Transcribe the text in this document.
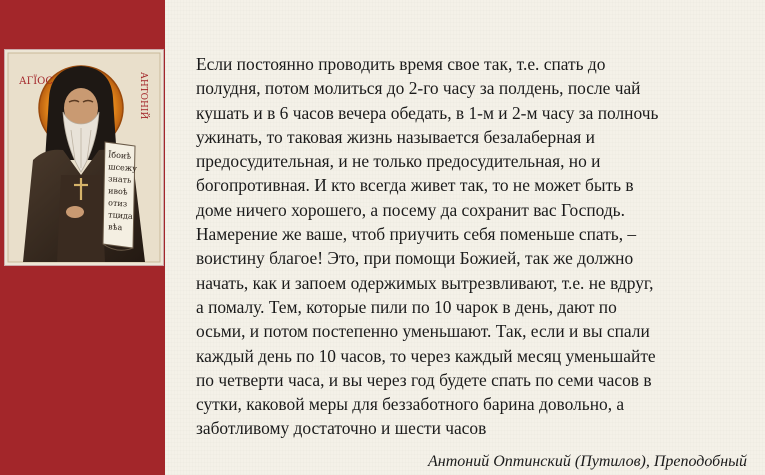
Їбоиѣ
шсежу
знать
ивоѣ
отиз
тцида
вѣа
АГЇОС	АНТОНІЙ

Если постоянно проводить время свое так, т.е. спать до
полудня, потом молиться до 2-го часу за полдень, после чай
кушать и в 6 часов вечера обедать, в 1-м и 2-м часу за полночь
ужинать, то таковая жизнь называется безалаберная и
предосудительная, и не только предосудительная, но и
богопротивная. И кто всегда живет так, то не может быть в
доме ничего хорошего, а посему да сохранит вас Господь.
Намерение же ваше, чтоб приучить себя поменьше спать, –
воистину благое! Это, при помощи Божией, так же должно
начать, как и запоем одержимых вытрезвливают, т.е. не вдруг,
а помалу. Тем, которые пили по 10 чарок в день, дают по
осьми, и потом постепенно уменьшают. Так, если и вы спали
каждый день по 10 часов, то через каждый месяц уменьшайте
по четверти часа, и вы через год будете спать по семи часов в
сутки, каковой меры для беззаботного барина довольно, а
заботливому достаточно и шести часов

Антоний Оптинский (Путилов), Преподобный
